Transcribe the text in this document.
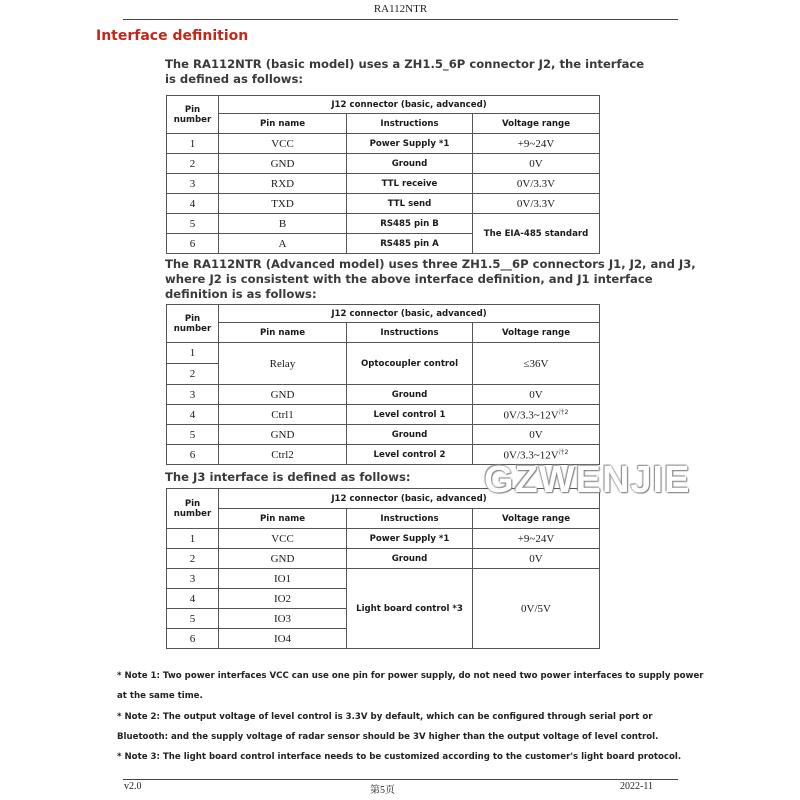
RA112NTR
Interface definition
The RA112NTR (basic model) uses a ZH1.5_6P connector J2, the interface
is defined as follows:
Pin
number	J12 connector (basic, advanced)		
	Pin name	Instructions	Voltage range
1	VCC	Power Supply *1	+9~24V
2	GND	Ground	0V
3	RXD	TTL receive	0V/3.3V
4	TXD	TTL send	0V/3.3V
5	B	RS485 pin B	The EIA-485 standard
6	A	RS485 pin A	
The RA112NTR (Advanced model) uses three ZH1.5__6P connectors J1, J2, and J3,
where J2 is consistent with the above interface definition, and J1 interface
definition is as follows:
Pin
number	J12 connector (basic, advanced)		
	Pin name	Instructions	Voltage range
1	Relay	Optocoupler control	≤36V
2			
3	GND	Ground	0V
4	Ctrl1	Level control 1	0V/3.3~12V$^{注2}$
5	GND	Ground	0V
6	Ctrl2	Level control 2	0V/3.3~12V$^{注2}$
The J3 interface is defined as follows:
Pin
number	J12 connector (basic, advanced)		
	Pin name	Instructions	Voltage range
1	VCC	Power Supply *1	+9~24V
2	GND	Ground	0V
3	IO1	Light board control *3	0V/5V
4	IO2		
5	IO3		
6	IO4		
GZWENJIE
* Note 1: Two power interfaces VCC can use one pin for power supply, do not need two power interfaces to supply power
at the same time.
* Note 2: The output voltage of level control is 3.3V by default, which can be configured through serial port or
Bluetooth: and the supply voltage of radar sensor should be 3V higher than the output voltage of level control.
* Note 3: The light board control interface needs to be customized according to the customer's light board protocol.
v2.0	第5页	2022-11
